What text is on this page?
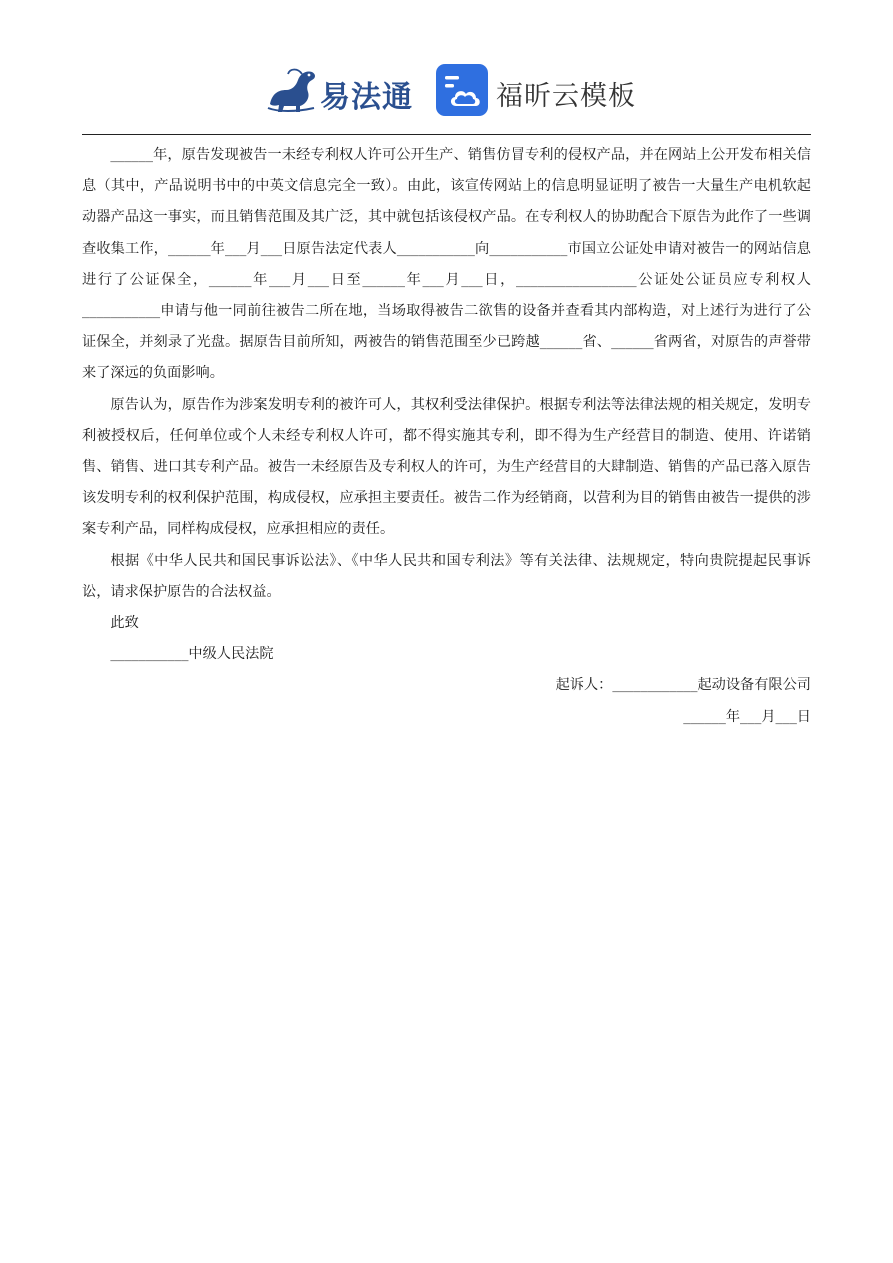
易法通	福昕云模板

______年，原告发现被告一未经专利权人许可公开生产、销售仿冒专利的侵权产品，并在网站上公开发布相关信息（其中，产品说明书中的中英文信息完全一致）。由此，该宣传网站上的信息明显证明了被告一大量生产电机软起动器产品这一事实，而且销售范围及其广泛，其中就包括该侵权产品。在专利权人的协助配合下原告为此作了一些调查收集工作，______年___月___日原告法定代表人___________向___________市国立公证处申请对被告一的网站信息进行了公证保全，______年___月___日至______年___月___日，_________________公证处公证员应专利权人___________申请与他一同前往被告二所在地，当场取得被告二欲售的设备并查看其内部构造，对上述行为进行了公证保全，并刻录了光盘。据原告目前所知，两被告的销售范围至少已跨越______省、______省两省，对原告的声誉带来了深远的负面影响。

原告认为，原告作为涉案发明专利的被许可人，其权利受法律保护。根据专利法等法律法规的相关规定，发明专利被授权后，任何单位或个人未经专利权人许可，都不得实施其专利，即不得为生产经营目的制造、使用、许诺销售、销售、进口其专利产品。被告一未经原告及专利权人的许可，为生产经营目的大肆制造、销售的产品已落入原告该发明专利的权利保护范围，构成侵权，应承担主要责任。被告二作为经销商，以营利为目的销售由被告一提供的涉案专利产品，同样构成侵权，应承担相应的责任。

根据《中华人民共和国民事诉讼法》、《中华人民共和国专利法》等有关法律、法规规定，特向贵院提起民事诉讼，请求保护原告的合法权益。

此致

___________中级人民法院

起诉人：____________起动设备有限公司

______年___月___日
